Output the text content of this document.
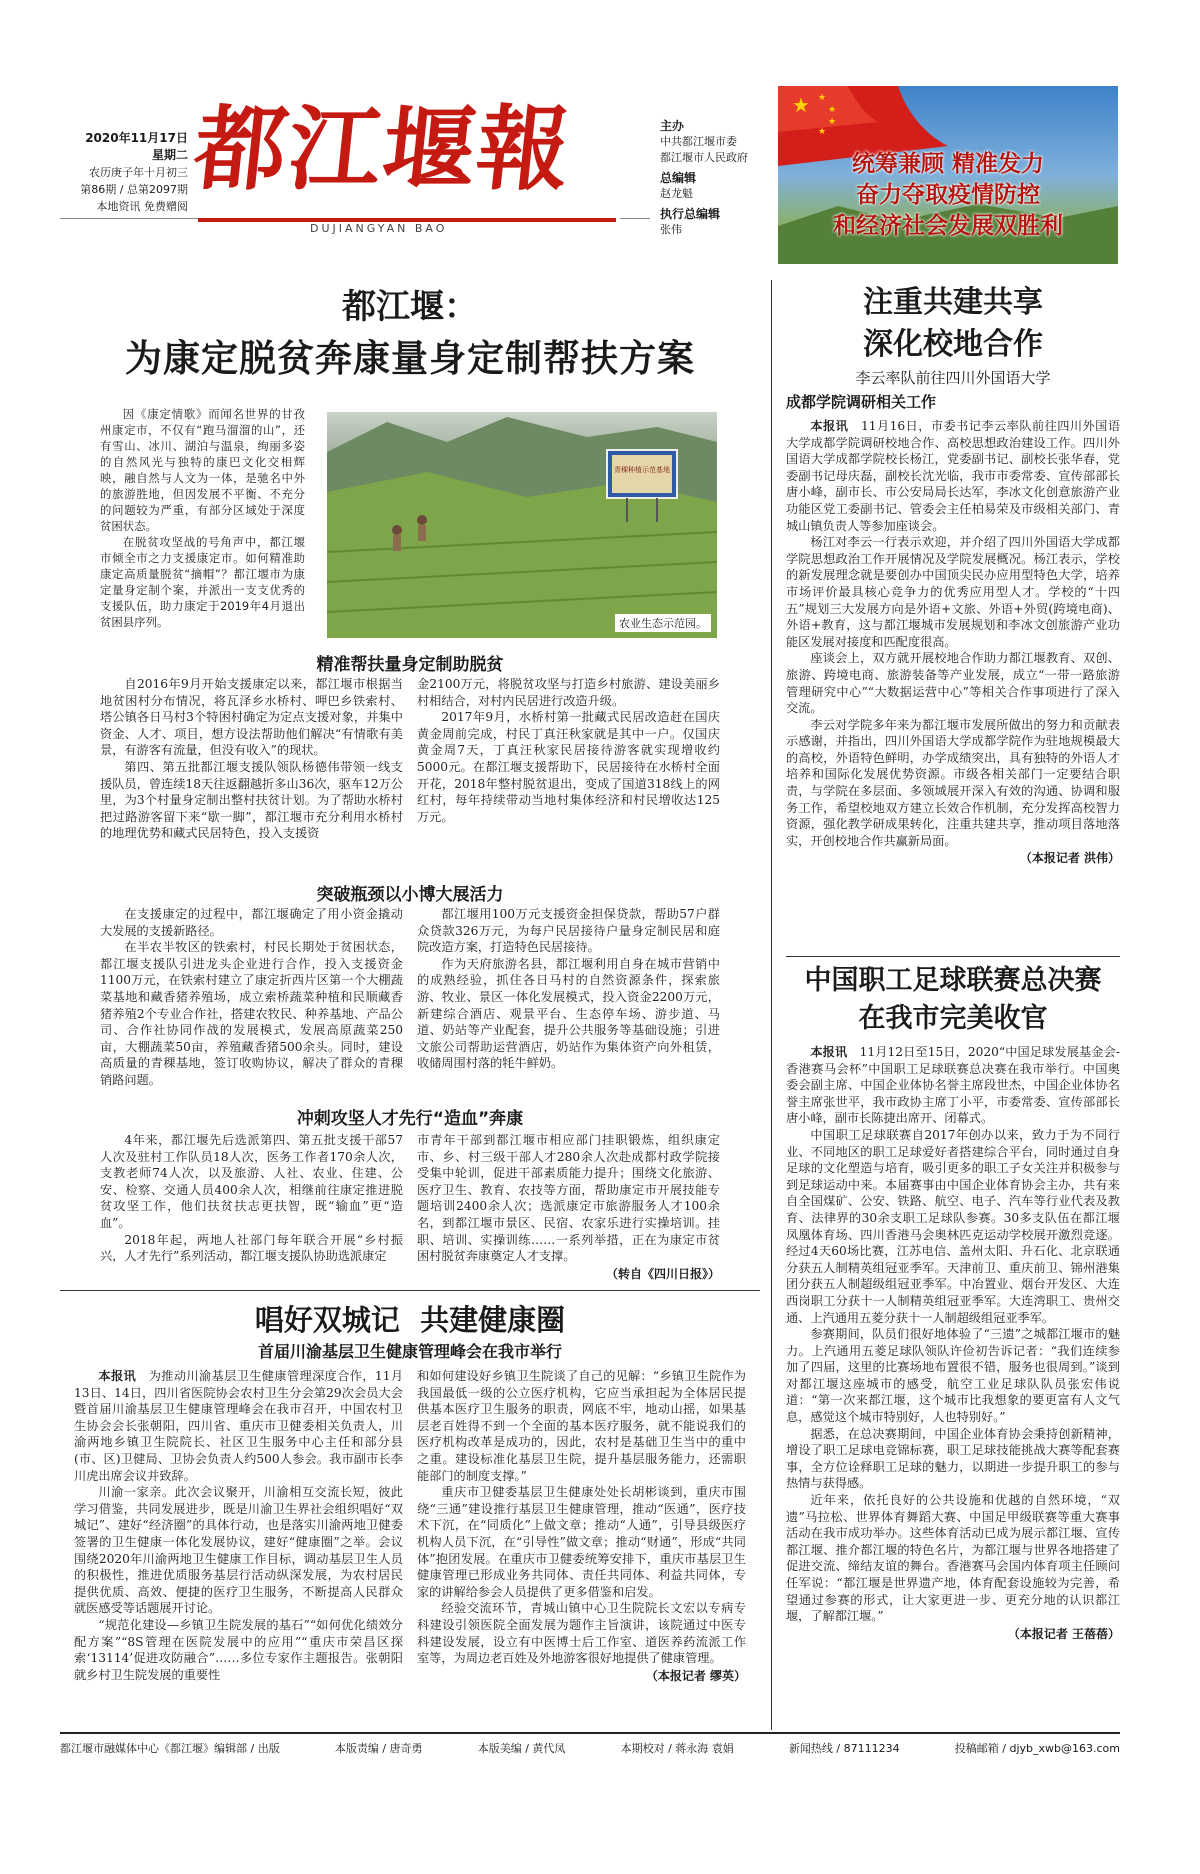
2020年11月17日
星期二
农历庚子年十月初三
第86期 / 总第2097期
本地资讯 免费赠阅
都江堰報
DUJIANGYAN BAO
主办
中共都江堰市委
都江堰市人民政府
总编辑
赵龙魁
执行总编辑
张伟
★ ★
★
★
★
统筹兼顾 精准发力
奋力夺取疫情防控
和经济社会发展双胜利
都江堰：
为康定脱贫奔康量身定制帮扶方案

因《康定情歌》而闻名世界的甘孜州康定市，不仅有“跑马溜溜的山”，还有雪山、冰川、湖泊与温泉，绚丽多姿的自然风光与独特的康巴文化交相辉映，融自然与人文为一体，是驰名中外的旅游胜地，但因发展不平衡、不充分的问题较为严重，有部分区域处于深度贫困状态。

在脱贫攻坚战的号角声中，都江堰市倾全市之力支援康定市。如何精准助康定高质量脱贫“摘帽”？都江堰市为康定量身定制个案，并派出一支支优秀的支援队伍，助力康定于2019年4月退出贫困县序列。

青稞种植示范基地
农业生态示范园。
精准帮扶量身定制助脱贫

自2016年9月开始支援康定以来，都江堰市根据当地贫困村分布情况，将瓦泽乡水桥村、呷巴乡铁索村、塔公镇各日马村3个特困村确定为定点支援对象，并集中资金、人才、项目，想方设法帮助他们解决“有情歌有美景，有游客有流量，但没有收入”的现状。

第四、第五批都江堰支援队领队杨德伟带领一线支援队员，曾连续18天往返翻越折多山36次，驱车12万公里，为3个村量身定制出整村扶贫计划。为了帮助水桥村把过路游客留下来“歇一脚”，都江堰市充分利用水桥村的地理优势和藏式民居特色，投入支援资

金2100万元，将脱贫攻坚与打造乡村旅游、建设美丽乡村相结合，对村内民居进行改造升级。

2017年9月，水桥村第一批藏式民居改造赶在国庆黄金周前完成，村民丁真汪秋家就是其中一户。仅国庆黄金周7天，丁真汪秋家民居接待游客就实现增收约5000元。在都江堰支援帮助下，民居接待在水桥村全面开花，2018年整村脱贫退出，变成了国道318线上的网红村，每年持续带动当地村集体经济和村民增收达125万元。

突破瓶颈以小博大展活力

在支援康定的过程中，都江堰确定了用小资金撬动大发展的支援新路径。

在半农半牧区的铁索村，村民长期处于贫困状态，都江堰支援队引进龙头企业进行合作，投入支援资金1100万元，在铁索村建立了康定折西片区第一个大棚蔬菜基地和藏香猪养殖场，成立索桥蔬菜种植和民顺藏香猪养殖2个专业合作社，搭建农牧民、种养基地、产品公司、合作社协同作战的发展模式，发展高原蔬菜250亩，大棚蔬菜50亩，养殖藏香猪500余头。同时，建设高质量的青稞基地，签订收购协议，解决了群众的青稞销路问题。

都江堰用100万元支援资金担保贷款，帮助57户群众贷款326万元，为每户民居接待户量身定制民居和庭院改造方案，打造特色民居接待。

作为天府旅游名县，都江堰利用自身在城市营销中的成熟经验，抓住各日马村的自然资源条件，探索旅游、牧业、景区一体化发展模式，投入资金2200万元，新建综合酒店、观景平台、生态停车场、游步道、马道、奶站等产业配套，提升公共服务等基础设施；引进文旅公司帮助运营酒店，奶站作为集体资产向外租赁，收储周围村落的牦牛鲜奶。

冲刺攻坚人才先行“造血”奔康

4年来，都江堰先后选派第四、第五批支援干部57人次及驻村工作队员18人次，医务工作者170余人次，支教老师74人次，以及旅游、人社、农业、住建、公安、检察、交通人员400余人次，相继前往康定推进脱贫攻坚工作，他们扶贫扶志更扶智，既“输血”更“造血”。

2018年起，两地人社部门每年联合开展“乡村振兴，人才先行”系列活动，都江堰支援队协助选派康定

市青年干部到都江堰市相应部门挂职锻炼，组织康定市、乡、村三级干部人才280余人次赴成都村政学院接受集中轮训，促进干部素质能力提升；围绕文化旅游、医疗卫生、教育、农技等方面，帮助康定市开展技能专题培训2400余人次；选派康定市旅游服务人才100余名，到都江堰市景区、民宿、农家乐进行实操培训。挂职、培训、实操训练……一系列举措，正在为康定市贫困村脱贫奔康奠定人才支撑。

（转自《四川日报》）
唱好双城记  共建健康圈
首届川渝基层卫生健康管理峰会在我市举行

本报讯　 为推动川渝基层卫生健康管理深度合作，11月13日、14日，四川省医院协会农村卫生分会第29次会员大会暨首届川渝基层卫生健康管理峰会在我市召开，中国农村卫生协会会长张朝阳，四川省、重庆市卫健委相关负责人，川渝两地乡镇卫生院院长、社区卫生服务中心主任和部分县(市、区)卫健局、卫协会负责人约500人参会。我市副市长李川虎出席会议并致辞。

川渝一家亲。此次会议聚开，川渝相互交流长短，彼此学习借鉴，共同发展进步，既是川渝卫生界社会组织唱好“双城记”、建好“经济圈”的具体行动，也是落实川渝两地卫健委签署的卫生健康一体化发展协议，建好“健康圈”之举。会议围绕2020年川渝两地卫生健康工作目标，调动基层卫生人员的积极性，推进优质服务基层行活动纵深发展，为农村居民提供优质、高效、便捷的医疗卫生服务，不断提高人民群众就医感受等话题展开讨论。

“规范化建设—乡镇卫生院发展的基石”“如何优化绩效分配方案”“8S管理在医院发展中的应用”“重庆市荣昌区探索‘13114’促进攻防融合”……多位专家作主题报告。张朝阳就乡村卫生院发展的重要性

和如何建设好乡镇卫生院谈了自己的见解：“乡镇卫生院作为我国最低一级的公立医疗机构，它应当承担起为全体居民提供基本医疗卫生服务的职责，网底不牢，地动山摇，如果基层老百姓得不到一个全面的基本医疗服务，就不能说我们的医疗机构改革是成功的，因此，农村是基础卫生当中的重中之重。建设标准化基层卫生院，提升基层服务能力，还需职能部门的制度支撑。”

重庆市卫健委基层卫生健康处处长胡彬谈到，重庆市围绕“三通”建设推行基层卫生健康管理，推动“医通”，医疗技术下沉，在“同质化”上做文章；推动“人通”，引导县级医疗机构人员下沉，在“引导性”做文章；推动“财通”，形成“共同体”抱团发展。在重庆市卫健委统筹安排下，重庆市基层卫生健康管理已形成业务共同体、责任共同体、利益共同体，专家的讲解给参会人员提供了更多借鉴和启发。

经验交流环节，青城山镇中心卫生院院长文宏以专病专科建设引领医院全面发展为题作主旨演讲，该院通过中医专科建设发展，设立有中医博士后工作室、道医养药流派工作室等，为周边老百姓及外地游客很好地提供了健康管理。

（本报记者 缪英）
注重共建共享
深化校地合作
李云率队前往四川外国语大学
成都学院调研相关工作

本报讯　 11月16日，市委书记李云率队前往四川外国语大学成都学院调研校地合作、高校思想政治建设工作。四川外国语大学成都学院校长杨江，党委副书记、副校长张华春，党委副书记母庆磊，副校长沈光临，我市市委常委、宣传部部长唐小峰，副市长、市公安局局长达军，李冰文化创意旅游产业功能区党工委副书记、管委会主任柏易荣及市级相关部门、青城山镇负责人等参加座谈会。

杨江对李云一行表示欢迎，并介绍了四川外国语大学成都学院思想政治工作开展情况及学院发展概况。杨江表示，学校的新发展理念就是要创办中国顶尖民办应用型特色大学，培养市场评价最具核心竞争力的优秀应用型人才。学校的“十四五”规划三大发展方向是外语+文旅、外语+外贸(跨境电商)、外语+教育，这与都江堰城市发展规划和李冰文创旅游产业功能区发展对接度和匹配度很高。

座谈会上，双方就开展校地合作助力都江堰教育、双创、旅游、跨境电商、旅游装备等产业发展，成立“一带一路旅游管理研究中心”“大数据运营中心”等相关合作事项进行了深入交流。

李云对学院多年来为都江堰市发展所做出的努力和贡献表示感谢，并指出，四川外国语大学成都学院作为驻地规模最大的高校，外语特色鲜明，办学成绩突出，具有独特的外语人才培养和国际化发展优势资源。市级各相关部门一定要结合职责，与学院在多层面、多领域展开深入有效的沟通、协调和服务工作，希望校地双方建立长效合作机制，充分发挥高校智力资源，强化教学研成果转化，注重共建共享，推动项目落地落实，开创校地合作共赢新局面。

（本报记者 洪伟）
中国职工足球联赛总决赛
在我市完美收官

本报讯　 11月12日至15日，2020“中国足球发展基金会-香港赛马会杯”中国职工足球联赛总决赛在我市举行。中国奥委会副主席、中国企业体协名誉主席段世杰，中国企业体协名誉主席张世平，我市政协主席丁小平，市委常委、宣传部部长唐小峰，副市长陈捷出席开、闭幕式。

中国职工足球联赛自2017年创办以来，致力于为不同行业、不同地区的职工足球爱好者搭建综合平台，同时通过自身足球的文化塑造与培育，吸引更多的职工子女关注并积极参与到足球运动中来。本届赛事由中国企业体育协会主办，共有来自全国煤矿、公安、铁路、航空、电子、汽车等行业代表及教育、法律界的30余支职工足球队参赛。30多支队伍在都江堰凤凰体育场、四川香港马会奥林匹克运动学校展开激烈竞逐。经过4天60场比赛，江苏电信、盖州太阳、升石化、北京联通分获五人制精英组冠亚季军。天津前卫、重庆前卫、锦州港集团分获五人制超级组冠亚季军。中冶置业、烟台开发区、大连西岗职工分获十一人制精英组冠亚季军。大连湾职工、贵州交通、上汽通用五菱分获十一人制超级组冠亚季军。

参赛期间，队员们很好地体验了“三遗”之城都江堰市的魅力。上汽通用五菱足球队领队许俭初告诉记者：“我们连续参加了四届，这里的比赛场地布置很不错，服务也很周到。”谈到对都江堰这座城市的感受，航空工业足球队队员张宏伟说道：“第一次来都江堰，这个城市比我想象的要更富有人文气息，感觉这个城市特别好，人也特别好。”

据悉，在总决赛期间，中国企业体育协会秉持创新精神，增设了职工足球电竞锦标赛，职工足球技能挑战大赛等配套赛事，全方位诠释职工足球的魅力，以期进一步提升职工的参与热情与获得感。

近年来，依托良好的公共设施和优越的自然环境，“双遗”马拉松、世界体育舞蹈大赛、中国足甲级联赛等重大赛事活动在我市成功举办。这些体育活动已成为展示都江堰、宣传都江堰、推介都江堰的特色名片，为都江堰与世界各地搭建了促进交流、缔结友谊的舞台。香港赛马会国内体育项主任顾问任军说：“都江堰是世界遗产地，体育配套设施较为完善，希望通过参赛的形式，让大家更进一步、更充分地的认识都江堰，了解都江堰。”

（本报记者 王蓓蓓）
都江堰市融媒体中心《都江堰》编辑部 / 出版	本版责编 / 唐奇勇	本版美编 / 黄代凤	本期校对 / 蒋永海 袁娟	新闻热线 / 87111234	投稿邮箱 / djyb_xwb@163.com
